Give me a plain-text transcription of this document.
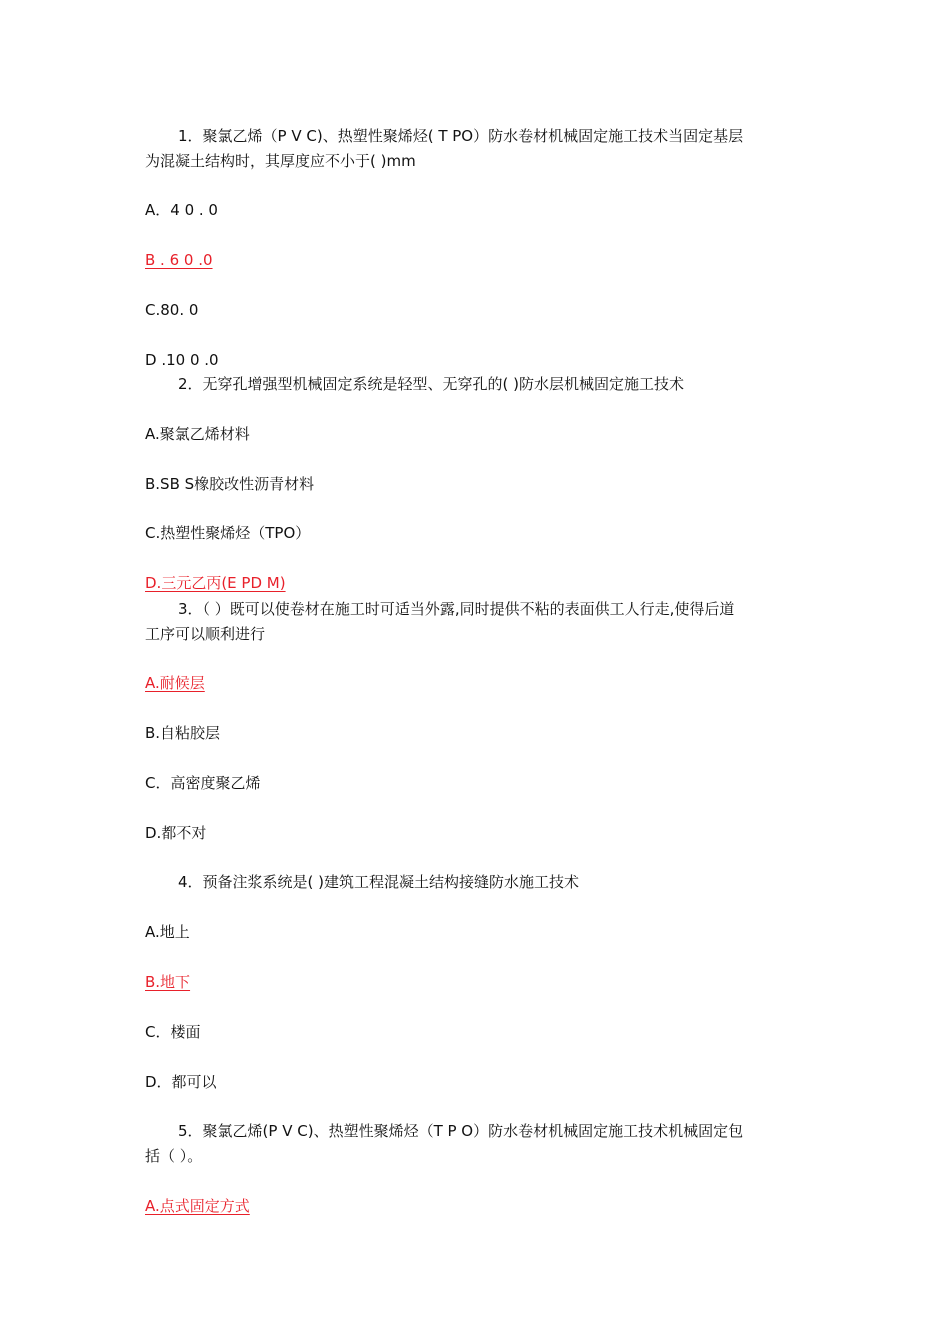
1．聚氯乙烯（P V C)、热塑性聚烯烃( T PO）防水卷材机械固定施工技术当固定基层
为混凝土结构时，其厚度应不小于( )mm
A．4 0 . 0
B . 6 0 .0
C.80. 0
D .10 0 .0
2．无穿孔增强型机械固定系统是轻型、无穿孔的( )防水层机械固定施工技术
A.聚氯乙烯材料
B.SB S橡胶改性沥青材料
C.热塑性聚烯烃（TPO）
D.三元乙丙(E PD M)
3．（ ）既可以使卷材在施工时可适当外露,同时提供不粘的表面供工人行走,使得后道
工序可以顺利进行
A.耐候层
B.自粘胶层
C．高密度聚乙烯
D.都不对
4．预备注浆系统是( )建筑工程混凝土结构接缝防水施工技术
A.地上
B.地下
C．楼面
D．都可以
5．聚氯乙烯(P V C)、热塑性聚烯烃（T P O）防水卷材机械固定施工技术机械固定包
括（ ）。
A.点式固定方式
